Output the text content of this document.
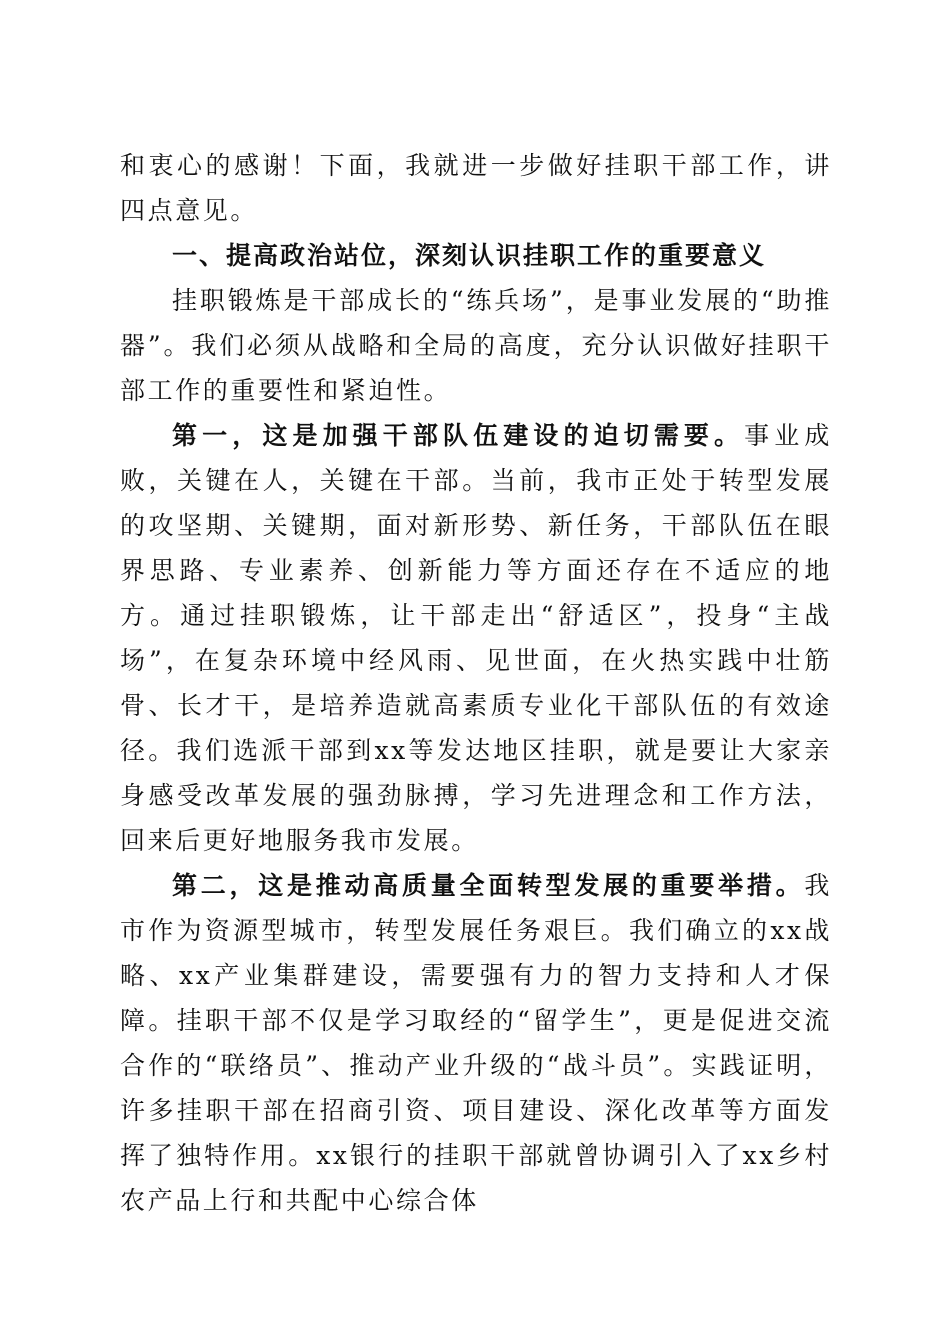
和衷心的感谢！下面，我就进一步做好挂职干部工作，讲四点意见。

一、提高政治站位，深刻认识挂职工作的重要意义

挂职锻炼是干部成长的“练兵场”，是事业发展的“助推器”。我们必须从战略和全局的高度，充分认识做好挂职干部工作的重要性和紧迫性。

第一，这是加强干部队伍建设的迫切需要。事业成败，关键在人，关键在干部。当前，我市正处于转型发展的攻坚期、关键期，面对新形势、新任务，干部队伍在眼界思路、专业素养、创新能力等方面还存在不适应的地方。通过挂职锻炼，让干部走出“舒适区”，投身“主战场”，在复杂环境中经风雨、见世面，在火热实践中壮筋骨、长才干，是培养造就高素质专业化干部队伍的有效途径。我们选派干部到xx等发达地区挂职，就是要让大家亲身感受改革发展的强劲脉搏，学习先进理念和工作方法，回来后更好地服务我市发展。

第二，这是推动高质量全面转型发展的重要举措。我市作为资源型城市，转型发展任务艰巨。我们确立的xx战略、xx产业集群建设，需要强有力的智力支持和人才保障。挂职干部不仅是学习取经的“留学生”，更是促进交流合作的“联络员”、推动产业升级的“战斗员”。实践证明，许多挂职干部在招商引资、项目建设、深化改革等方面发挥了独特作用。xx银行的挂职干部就曾协调引入了xx乡村农产品上行和共配中心综合体
